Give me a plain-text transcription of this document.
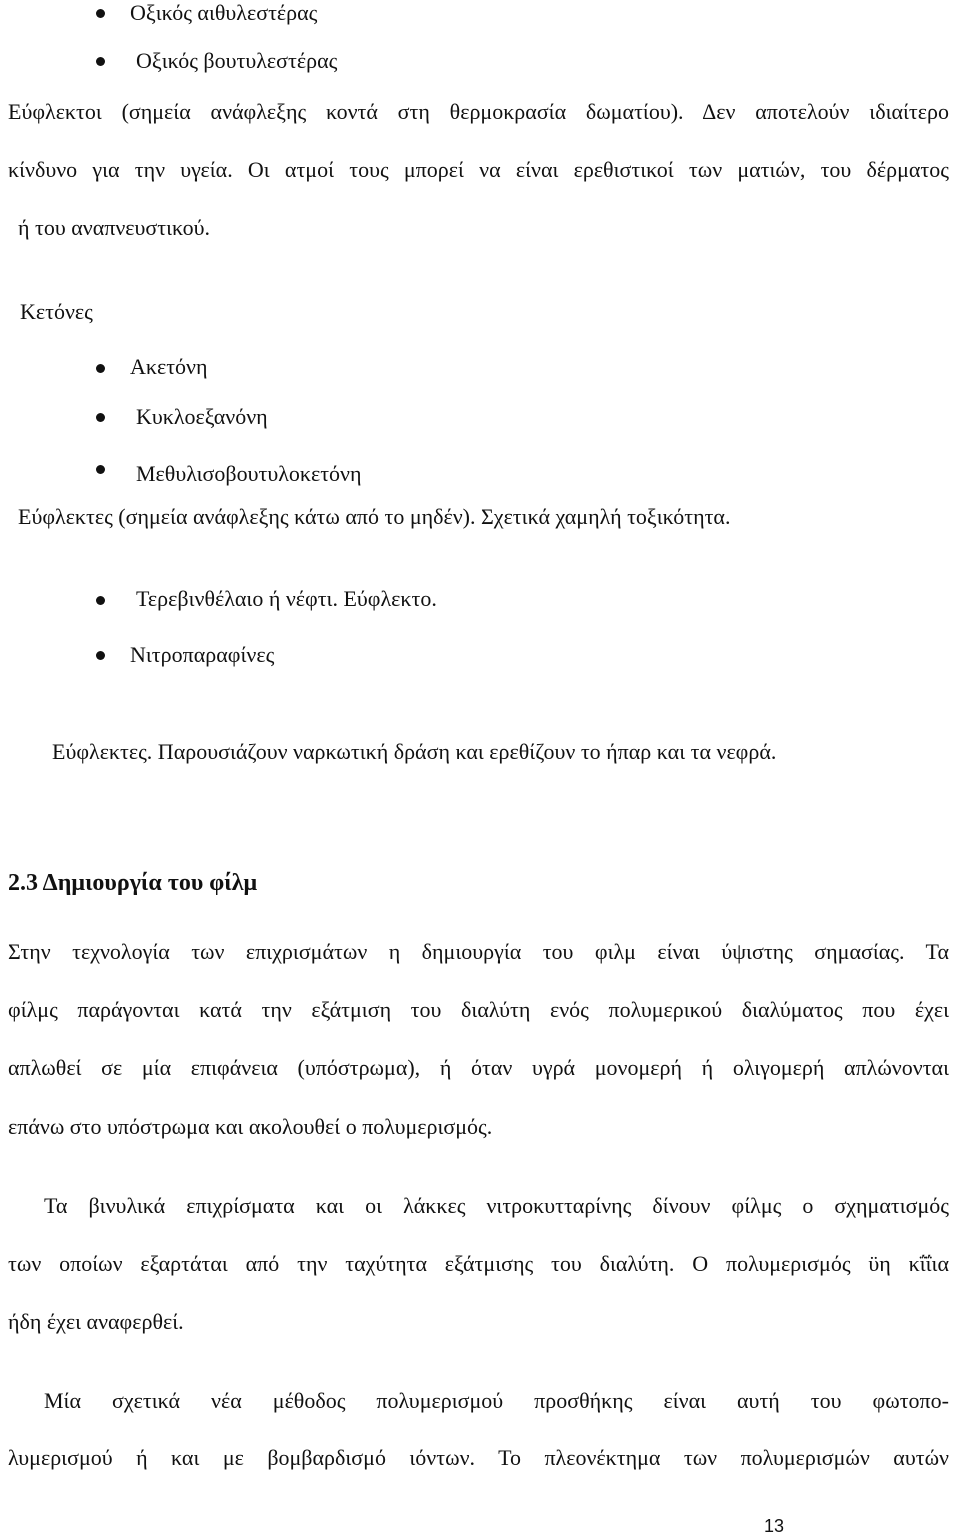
Οξικός αιθυλεστέρας
Οξικός βουτυλεστέρας
Εύφλεκτοι (σημεία ανάφλεξης κοντά στη θερμοκρασία δωματίου). Δεν αποτελούν ιδιαίτερο
κίνδυνο για την υγεία. Οι ατμοί τους μπορεί να είναι ερεθιστικοί των ματιών, του δέρματος
ή του αναπνευστικού.
Κετόνες
Ακετόνη
Κυκλοεξανόνη
Μεθυλισοβουτυλοκετόνη
Εύφλεκτες (σημεία ανάφλεξης κάτω από το μηδέν). Σχετικά χαμηλή τοξικότητα.
Τερεβινθέλαιο ή νέφτι. Εύφλεκτο.
Νιτροπαραφίνες
Εύφλεκτες. Παρουσιάζουν ναρκωτική δράση και ερεθίζουν το ήπαρ και τα νεφρά.
2.3 Δημιουργία του φίλμ
Στην τεχνολογία των επιχρισμάτων η δημιουργία του φιλμ είναι ύψιστης σημασίας. Τα
φίλμς παράγονται κατά την εξάτμιση του διαλύτη ενός πολυμερικού διαλύματος που έχει
απλωθεί σε μία επιφάνεια (υπόστρωμα), ή όταν υγρά μονομερή ή ολιγομερή απλώνονται
επάνω στο υπόστρωμα και ακολουθεί ο πολυμερισμός.
Τα βινυλικά επιχρίσματα και οι λάκκες νιτροκυτταρίνης δίνουν φίλμς ο σχηματισμός
των οποίων εξαρτάται από την ταχύτητα εξάτμισης του διαλύτη. Ο πολυμερισμός ϋη κΐΐια
ήδη έχει αναφερθεί.
Μία σχετικά νέα μέθοδος πολυμερισμού προσθήκης είναι αυτή του φωτοπο-
λυμερισμού ή και με βομβαρδισμό ιόντων. Το πλεονέκτημα των πολυμερισμών αυτών
13
